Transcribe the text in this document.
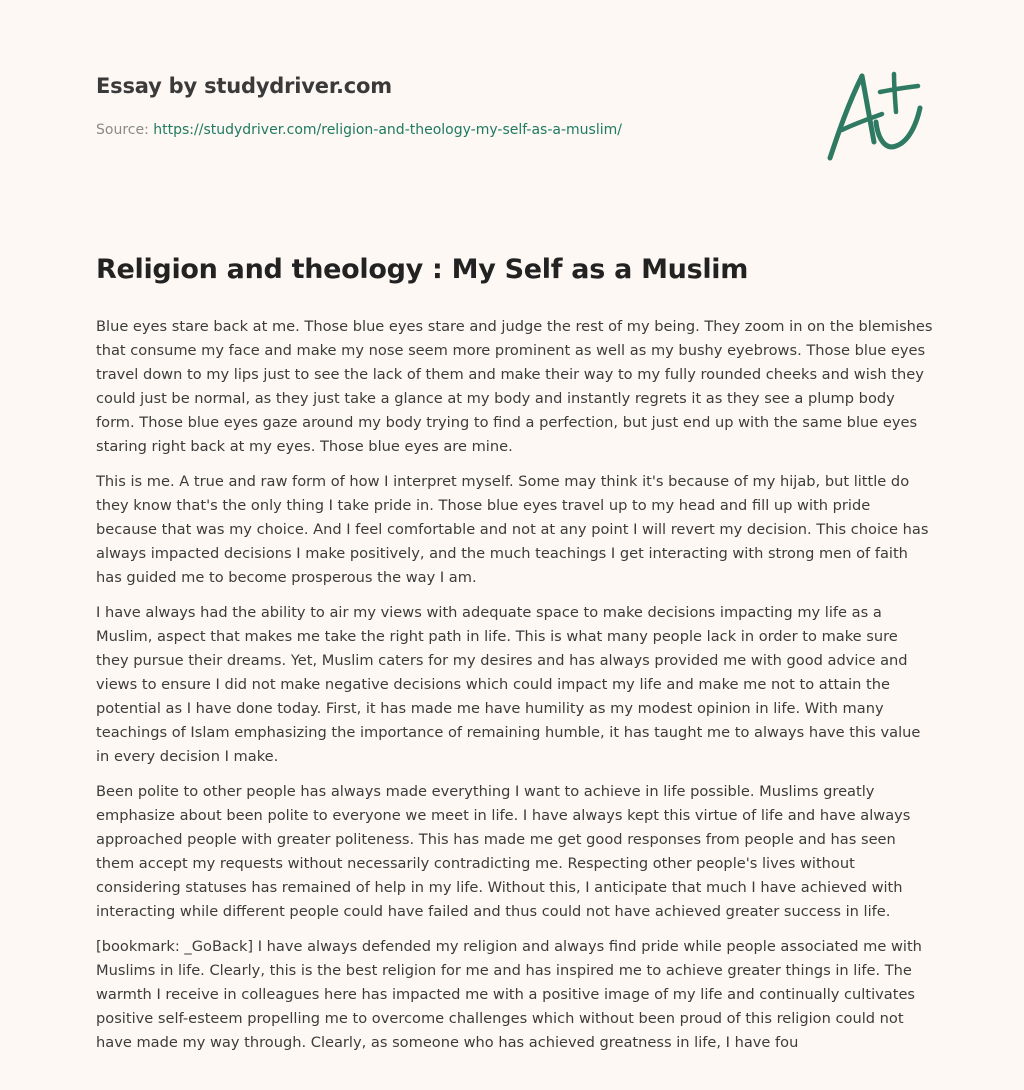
Essay by studydriver.com
Source: https://studydriver.com/religion-and-theology-my-self-as-a-muslim/
Religion and theology : My Self as a Muslim

Blue eyes stare back at me. Those blue eyes stare and judge the rest of my being. They zoom in on the blemishes that consume my face and make my nose seem more prominent as well as my bushy eyebrows. Those blue eyes travel down to my lips just to see the lack of them and make their way to my fully rounded cheeks and wish they could just be normal, as they just take a glance at my body and instantly regrets it as they see a plump body form. Those blue eyes gaze around my body trying to find a perfection, but just end up with the same blue eyes staring right back at my eyes. Those blue eyes are mine.

This is me. A true and raw form of how I interpret myself. Some may think it's because of my hijab, but little do they know that's the only thing I take pride in. Those blue eyes travel up to my head and fill up with pride because that was my choice. And I feel comfortable and not at any point I will revert my decision. This choice has always impacted decisions I make positively, and the much teachings I get interacting with strong men of faith has guided me to become prosperous the way I am.

I have always had the ability to air my views with adequate space to make decisions impacting my life as a Muslim, aspect that makes me take the right path in life. This is what many people lack in order to make sure they pursue their dreams. Yet, Muslim caters for my desires and has always provided me with good advice and views to ensure I did not make negative decisions which could impact my life and make me not to attain the potential as I have done today. First, it has made me have humility as my modest opinion in life. With many teachings of Islam emphasizing the importance of remaining humble, it has taught me to always have this value in every decision I make.

Been polite to other people has always made everything I want to achieve in life possible. Muslims greatly emphasize about been polite to everyone we meet in life. I have always kept this virtue of life and have always approached people with greater politeness. This has made me get good responses from people and has seen them accept my requests without necessarily contradicting me. Respecting other people's lives without considering statuses has remained of help in my life. Without this, I anticipate that much I have achieved with interacting while different people could have failed and thus could not have achieved greater success in life.

[bookmark: _GoBack] I have always defended my religion and always find pride while people associated me with Muslims in life. Clearly, this is the best religion for me and has inspired me to achieve greater things in life. The warmth I receive in colleagues here has impacted me with a positive image of my life and continually cultivates positive self-esteem propelling me to overcome challenges which without been proud of this religion could not have made my way through. Clearly, as someone who has achieved greatness in life, I have fou
